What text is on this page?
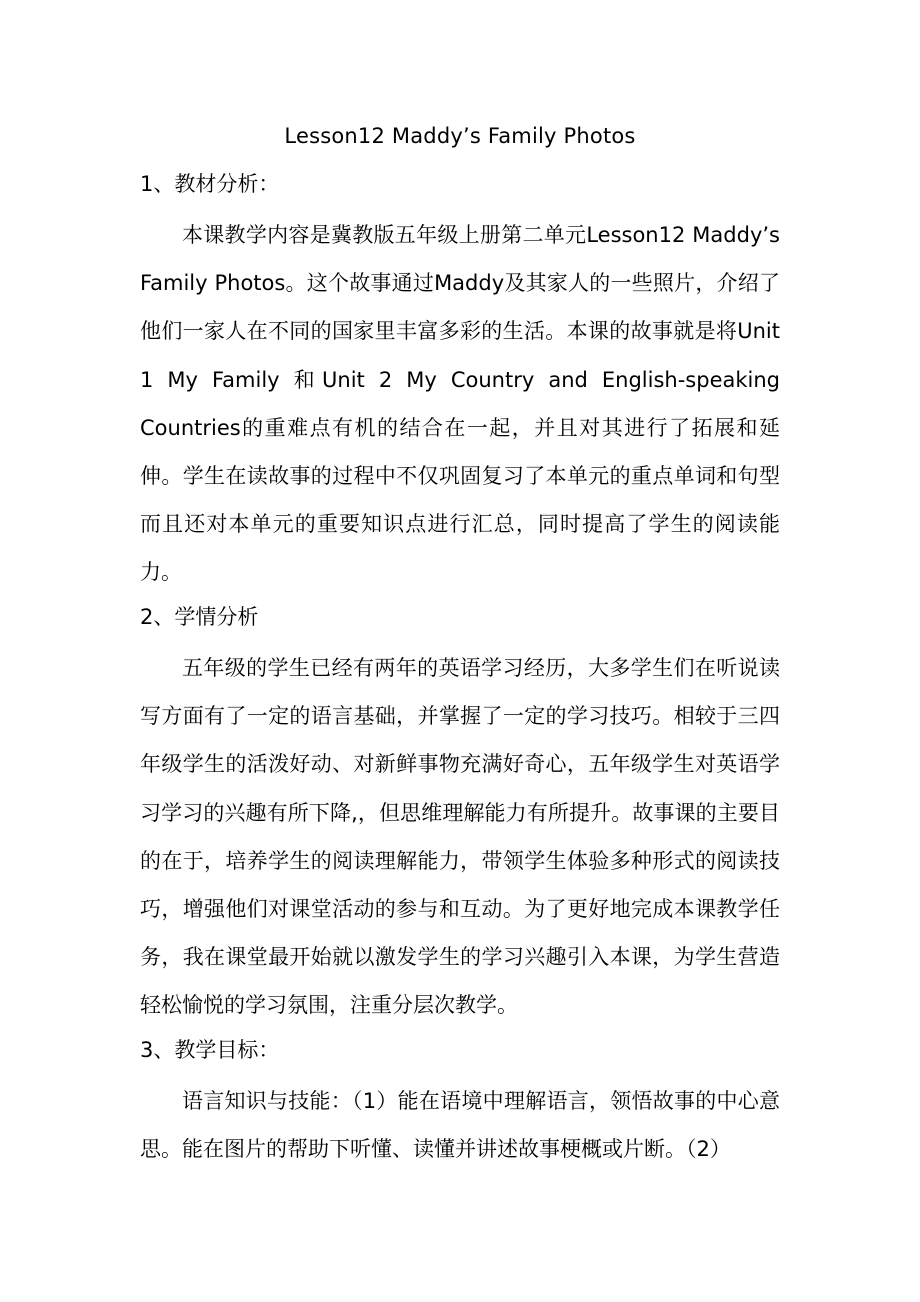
Lesson12 Maddy’s Family Photos
1、教材分析：
本课教学内容是冀教版五年级上册第二单元Lesson12 Maddy’s Family Photos。这个故事通过Maddy及其家人的一些照片，介绍了他们一家人在不同的国家里丰富多彩的生活。本课的故事就是将Unit 1 My Family 和Unit 2 My Country and English-speaking Countries的重难点有机的结合在一起，并且对其进行了拓展和延伸。学生在读故事的过程中不仅巩固复习了本单元的重点单词和句型而且还对本单元的重要知识点进行汇总，同时提高了学生的阅读能力。
2、学情分析
五年级的学生已经有两年的英语学习经历，大多学生们在听说读写方面有了一定的语言基础，并掌握了一定的学习技巧。相较于三四年级学生的活泼好动、对新鲜事物充满好奇心，五年级学生对英语学习学习的兴趣有所下降,，但思维理解能力有所提升。故事课的主要目的在于，培养学生的阅读理解能力，带领学生体验多种形式的阅读技巧，增强他们对课堂活动的参与和互动。为了更好地完成本课教学任务，我在课堂最开始就以激发学生的学习兴趣引入本课，为学生营造轻松愉悦的学习氛围，注重分层次教学。
3、教学目标：
语言知识与技能：（1）能在语境中理解语言，领悟故事的中心意思。能在图片的帮助下听懂、读懂并讲述故事梗概或片断。（2）
